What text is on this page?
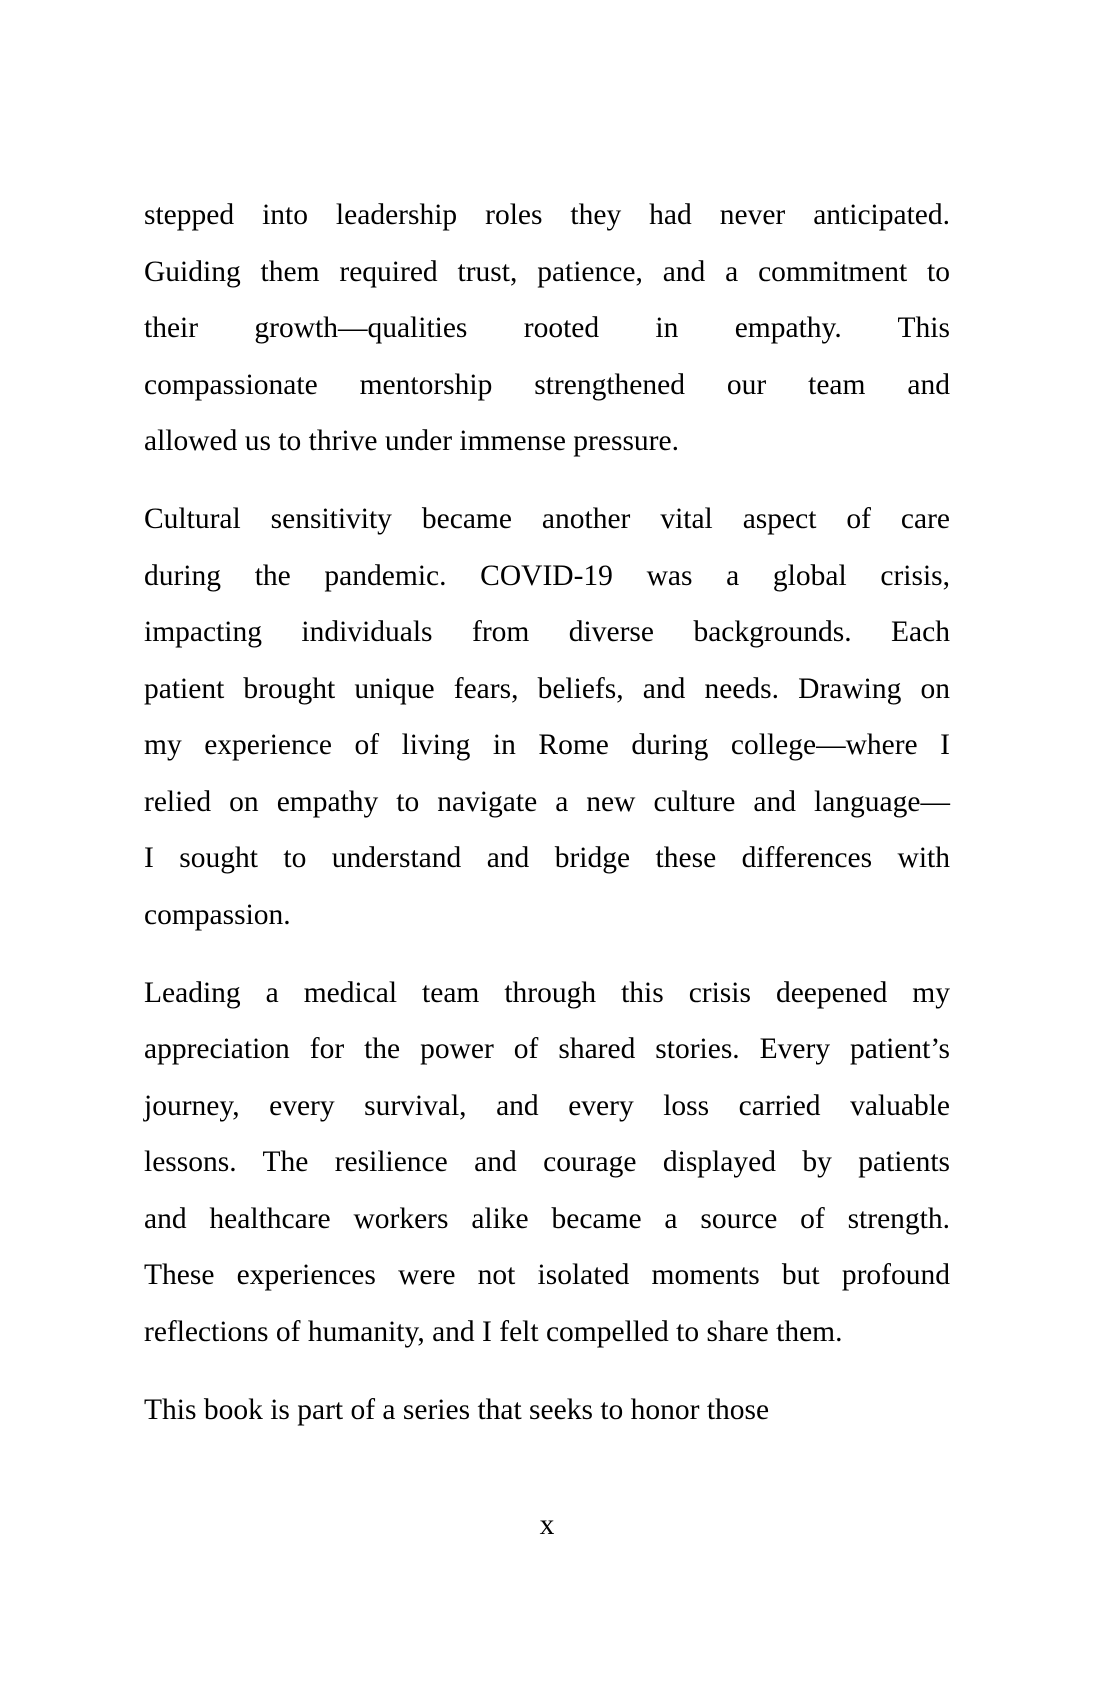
stepped into leadership roles they had never anticipated.

Guiding them required trust, patience, and a commitment to

their growth—qualities rooted in empathy. This

compassionate mentorship strengthened our team and

allowed us to thrive under immense pressure.

Cultural sensitivity became another vital aspect of care

during the pandemic. COVID-19 was a global crisis,

impacting individuals from diverse backgrounds. Each

patient brought unique fears, beliefs, and needs. Drawing on

my experience of living in Rome during college—where I

relied on empathy to navigate a new culture and language—

I sought to understand and bridge these differences with

compassion.

Leading a medical team through this crisis deepened my

appreciation for the power of shared stories. Every patient’s

journey, every survival, and every loss carried valuable

lessons. The resilience and courage displayed by patients

and healthcare workers alike became a source of strength.

These experiences were not isolated moments but profound

reflections of humanity, and I felt compelled to share them.

This book is part of a series that seeks to honor those

x
